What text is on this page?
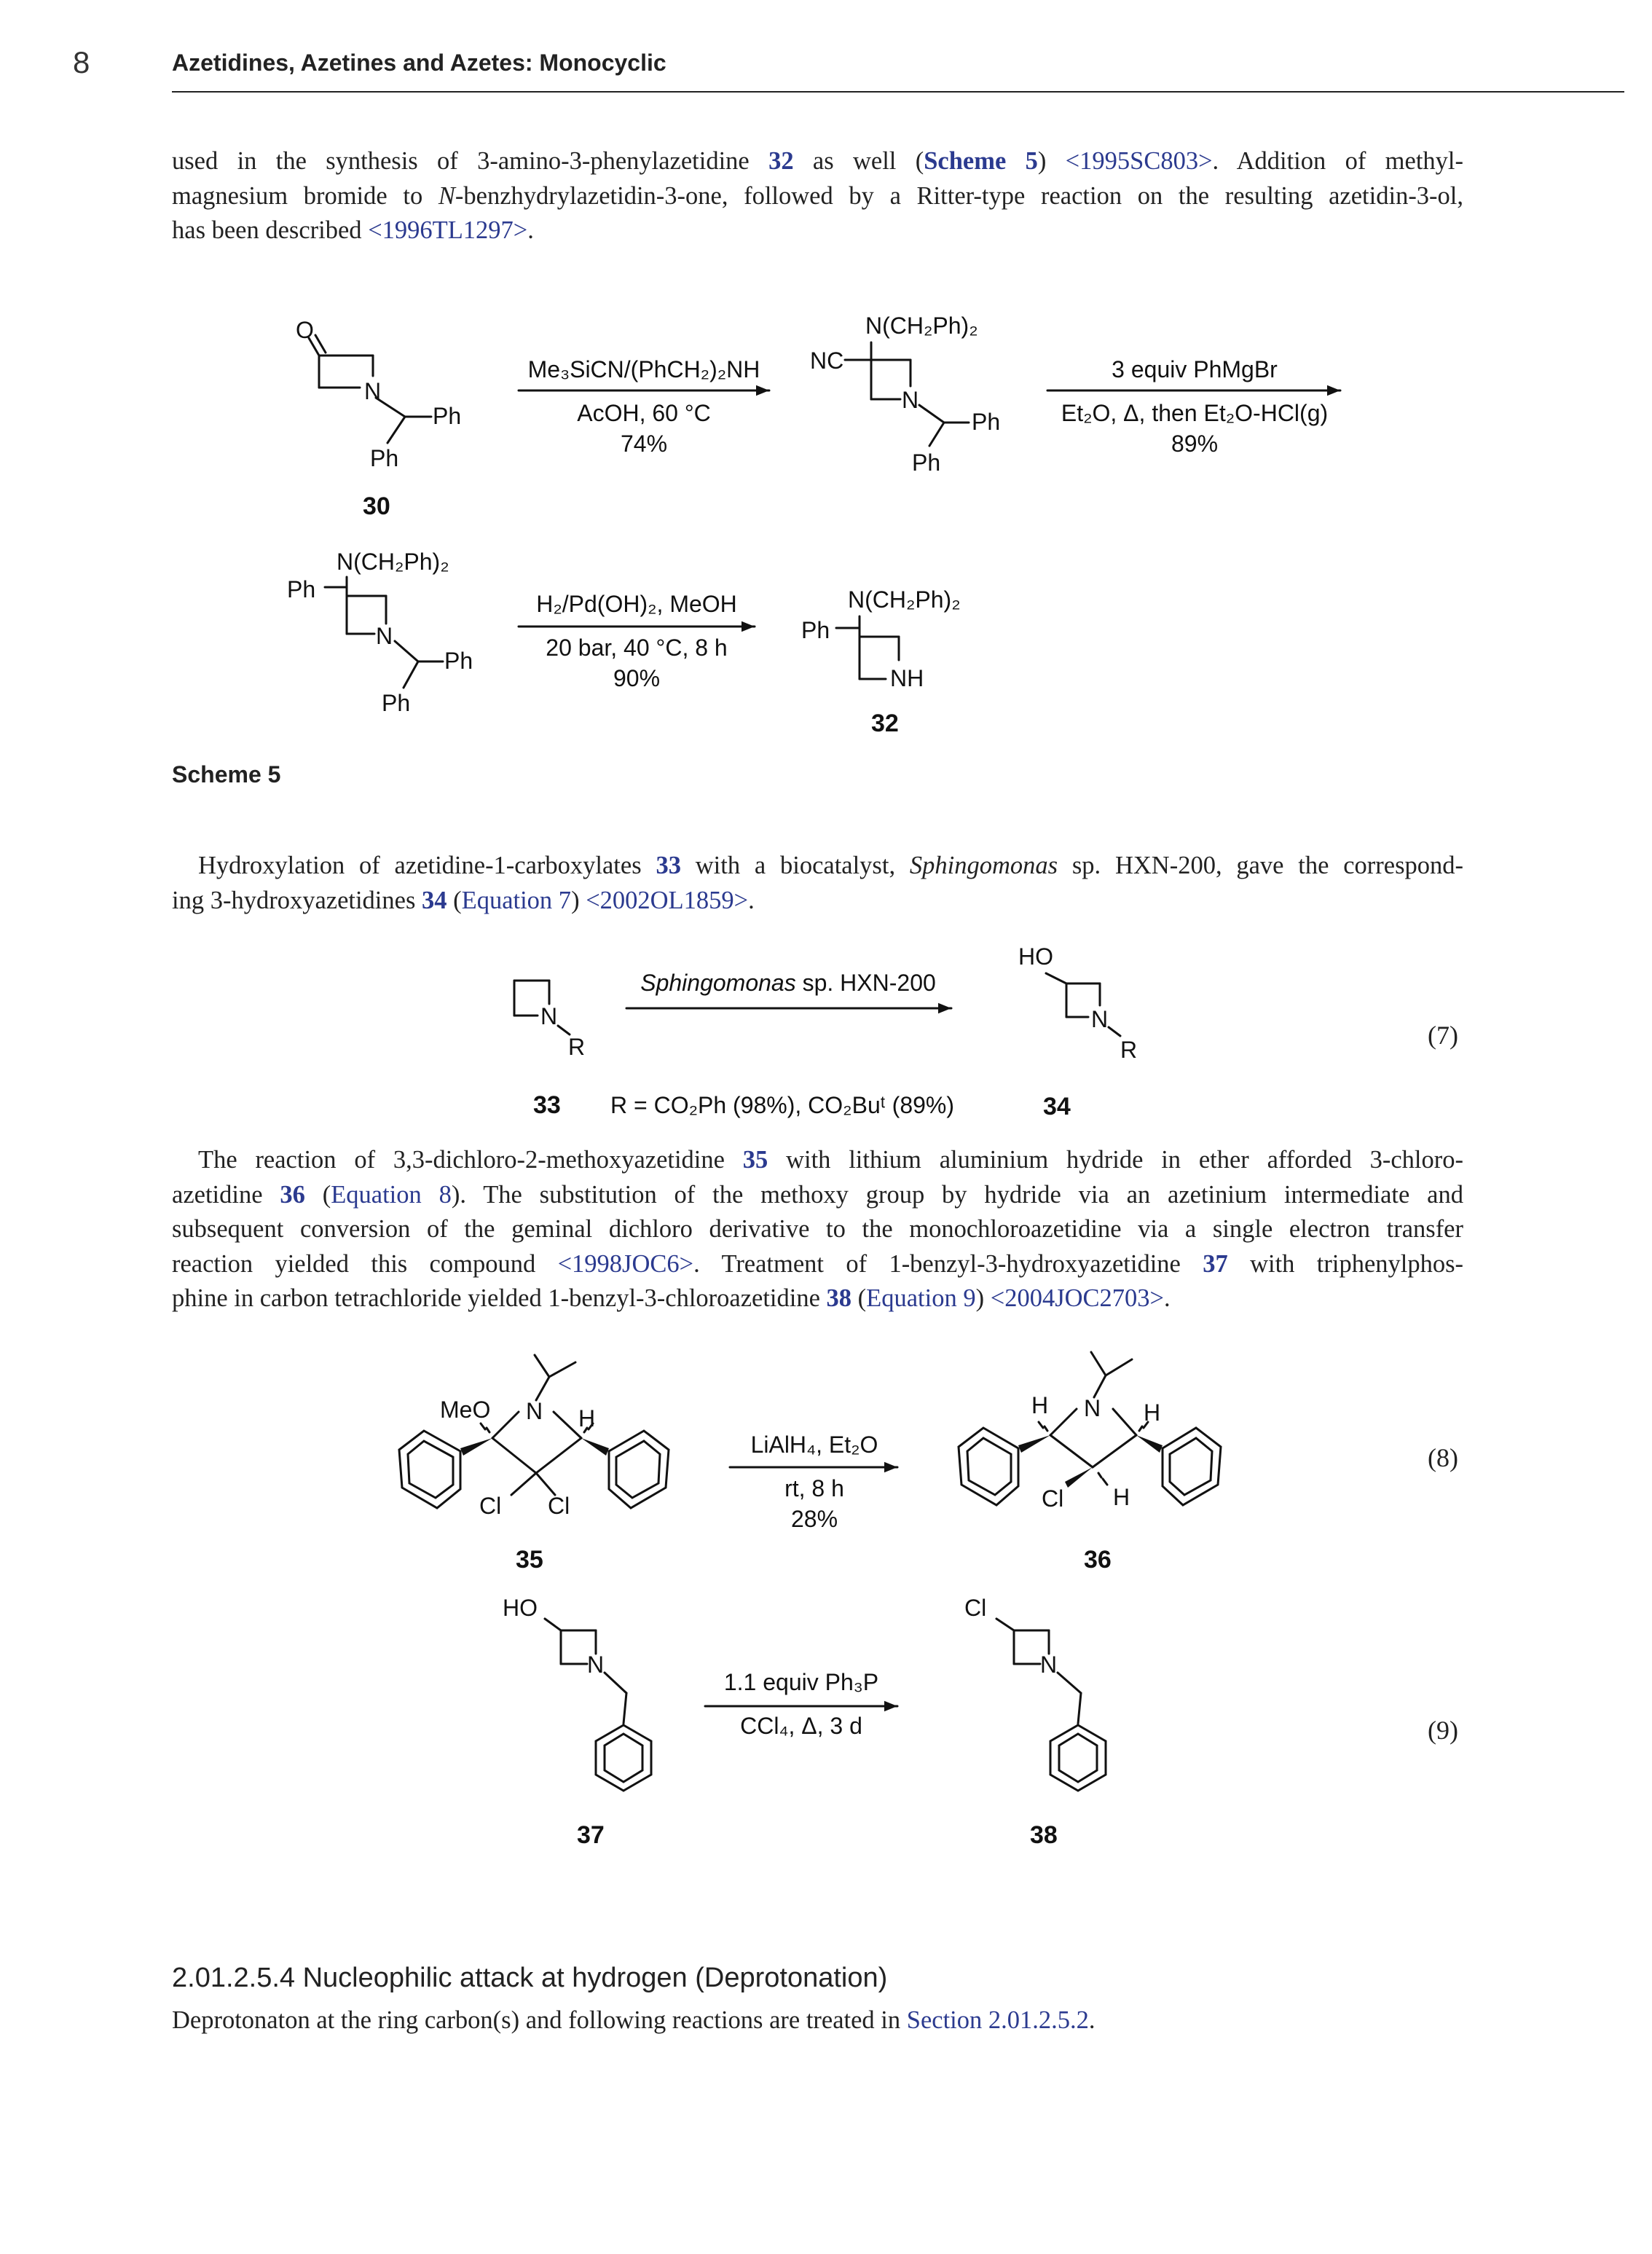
8	Azetidines, Azetines and Azetes: Monocyclic
used in the synthesis of 3-amino-3-phenylazetidine 32 as well (Scheme 5) <1995SC803>. Addition of methyl-
magnesium bromide to N-benzhydrylazetidin-3-one, followed by a Ritter-type reaction on the resulting azetidin-3-ol,
has been described <1996TL1297>.
Hydroxylation of azetidine-1-carboxylates 33 with a biocatalyst, Sphingomonas sp. HXN-200, gave the correspond-
ing 3-hydroxyazetidines 34 (Equation 7) <2002OL1859>.
The reaction of 3,3-dichloro-2-methoxyazetidine 35 with lithium aluminium hydride in ether afforded 3-chloro-
azetidine 36 (Equation 8). The substitution of the methoxy group by hydride via an azetinium intermediate and
subsequent conversion of the geminal dichloro derivative to the monochloroazetidine via a single electron transfer
reaction yielded this compound <1998JOC6>. Treatment of 1-benzyl-3-hydroxyazetidine 37 with triphenylphos-
phine in carbon tetrachloride yielded 1-benzyl-3-chloroazetidine 38 (Equation 9) <2004JOC2703>.
Scheme 5
(7)
(8)
(9)
2.01.2.5.4 Nucleophilic attack at hydrogen (Deprotonation)
Deprotonaton at the ring carbon(s) and following reactions are treated in Section 2.01.2.5.2.
O
N
Ph
Ph
30
Me₃SiCN/(PhCH₂)₂NH
AcOH, 60 °C
74%
N(CH₂Ph)₂
NC
N
Ph
Ph
3 equiv PhMgBr
Et₂O, Δ, then Et₂O-HCl(g)
89%
N(CH₂Ph)₂
Ph
N
Ph
Ph
H₂/Pd(OH)₂, MeOH
20 bar, 40 °C, 8 h
90%
N(CH₂Ph)₂
Ph
NH
32
N
R
33
Sphingomonas sp. HXN-200
R = CO₂Ph (98%), CO₂Buᵗ (89%)
HO
N
R
34
MeO N H
Cl Cl
35
LiAlH₄, Et₂O
rt, 8 h
28%
H N H
Cl H
36
HO
N
37
1.1 equiv Ph₃P
CCl₄, Δ, 3 d
Cl
N
38
